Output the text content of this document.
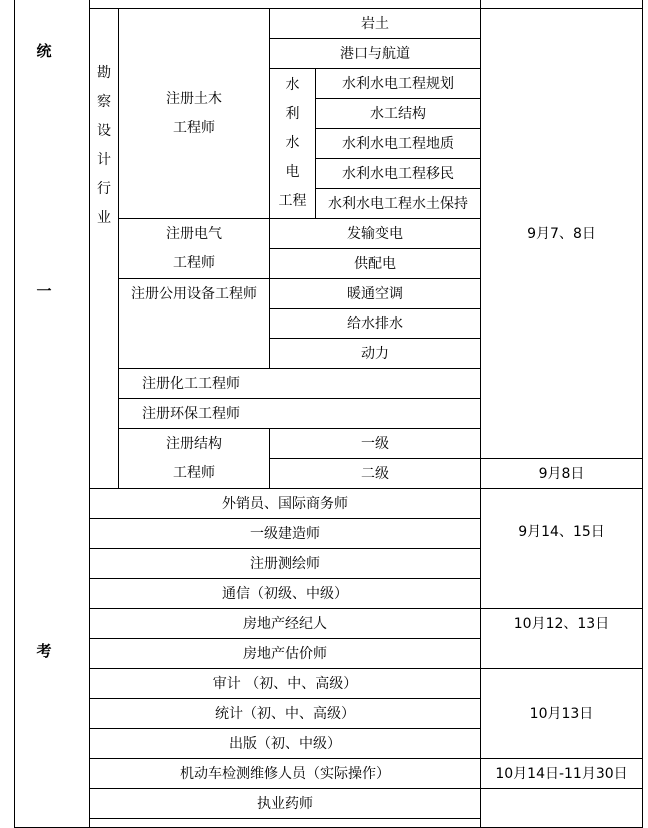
统
一
考
勘
察
设
计
行
业
注册土木
工程师
岩土
港口与航道
水
利
水
电
工程
水利水电工程规划
水工结构
水利水电工程地质
水利水电工程移民
水利水电工程水土保持
注册电气
工程师
发输变电
供配电
注册公用设备工程师	暖通空调
给水排水
动力
注册化工工程师
注册环保工程师
注册结构
工程师
一级
二级
9月7、8日
9月8日
外销员、国际商务师
一级建造师
注册测绘师
通信（初级、中级）
9月14、15日
房地产经纪人
房地产估价师
10月12、13日
审计 （初、中、高级）
统计（初、中、高级）
出版（初、中级）
10月13日
机动车检测维修人员（实际操作）	10月14日-11月30日
执业药师
